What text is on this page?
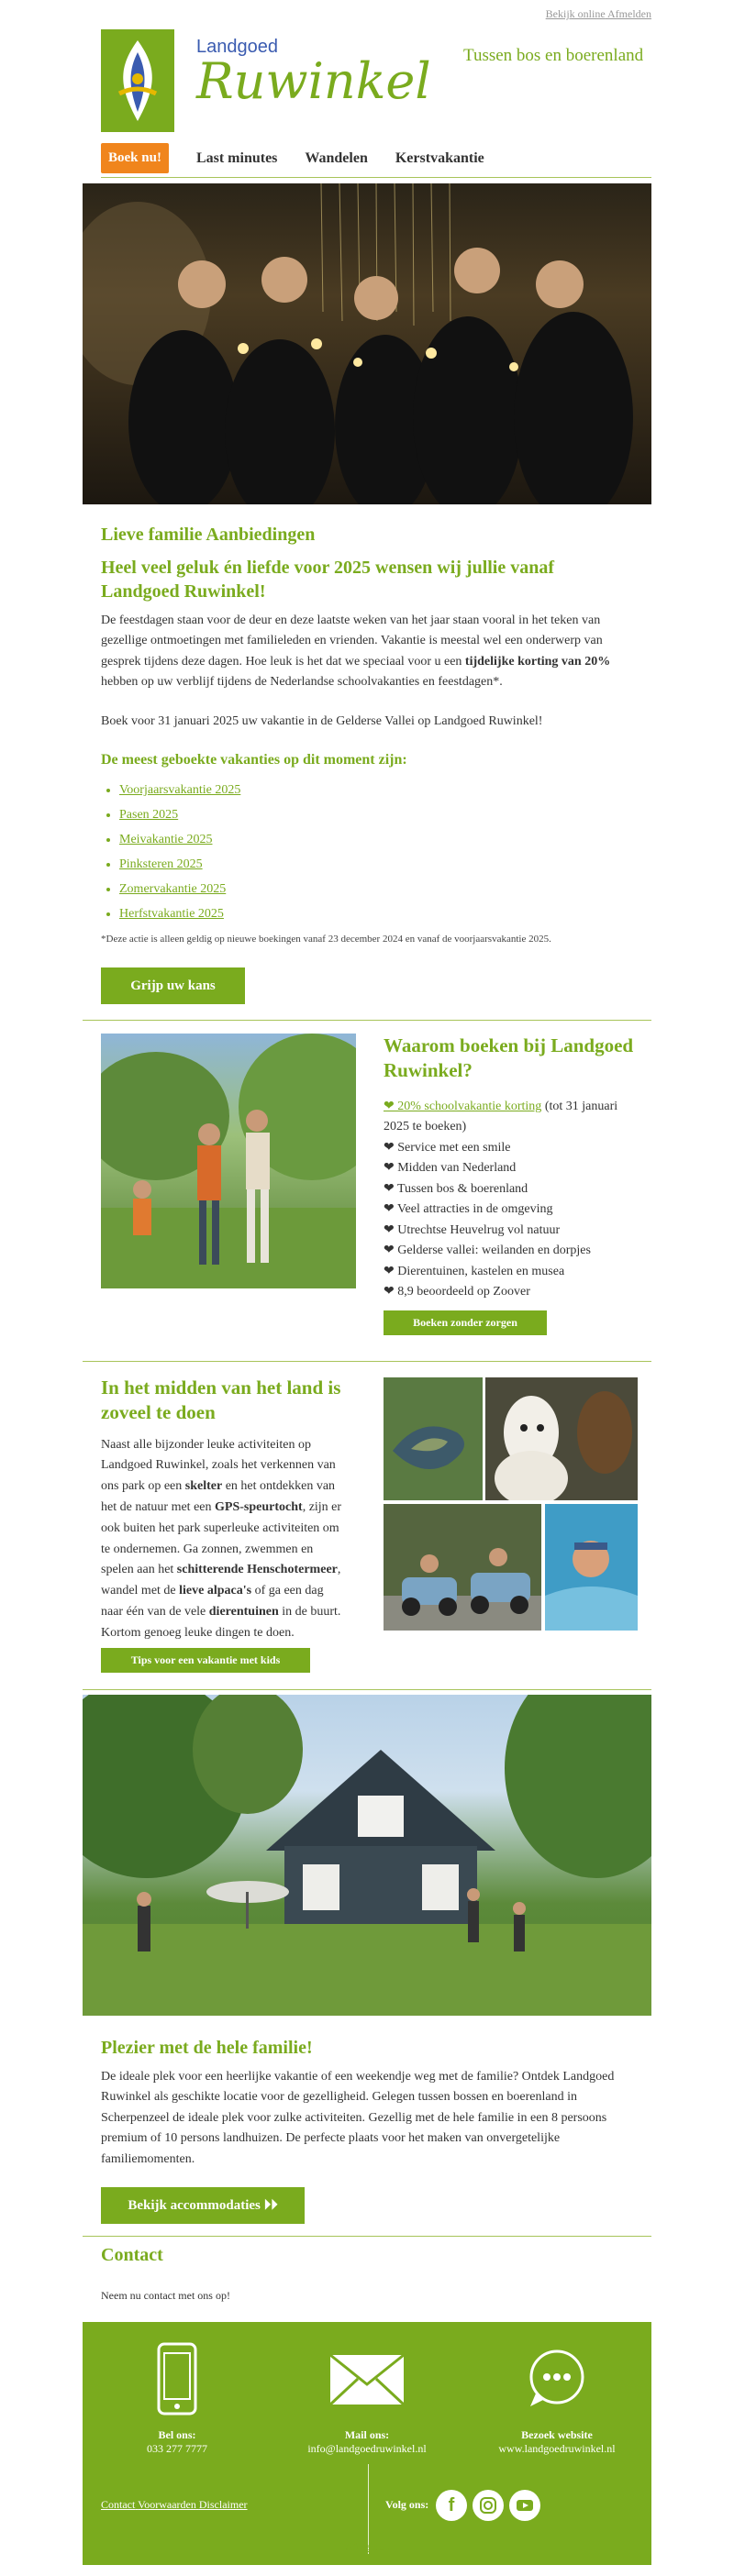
Bekijk online Afmelden
Landgoed
Ruwinkel Tussen bos en boerenland
Boek nu!	Last minutes Wandelen Kerstvakantie
Lieve familie Aanbiedingen
Heel veel geluk én liefde voor 2025 wensen wij jullie vanaf Landgoed Ruwinkel!

De feestdagen staan voor de deur en deze laatste weken van het jaar staan vooral in het teken van gezellige ontmoetingen met familieleden en vrienden. Vakantie is meestal wel een onderwerp van gesprek tijdens deze dagen. Hoe leuk is het dat we speciaal voor u een tijdelijke korting van 20% hebben op uw verblijf tijdens de Nederlandse schoolvakanties en feestdagen*.

Boek voor 31 januari 2025 uw vakantie in de Gelderse Vallei op Landgoed Ruwinkel!

De meest geboekte vakanties op dit moment zijn:
• Voorjaarsvakantie 2025
• Pasen 2025
• Meivakantie 2025
• Pinksteren 2025
• Zomervakantie 2025
• Herfstvakantie 2025
*Deze actie is alleen geldig op nieuwe boekingen vanaf 23 december 2024 en vanaf de voorjaarsvakantie 2025.
Grijp uw kans
Waarom boeken bij Landgoed Ruwinkel?
❤ 20% schoolvakantie korting (tot 31 januari 2025 te boeken)
❤ Service met een smile
❤ Midden van Nederland
❤ Tussen bos & boerenland
❤ Veel attracties in de omgeving
❤ Utrechtse Heuvelrug vol natuur
❤ Gelderse vallei: weilanden en dorpjes
❤ Dierentuinen, kastelen en musea
❤ 8,9 beoordeeld op Zoover
Boeken zonder zorgen
In het midden van het land is zoveel te doen

Naast alle bijzonder leuke activiteiten op Landgoed Ruwinkel, zoals het verkennen van ons park op een skelter en het ontdekken van het de natuur met een GPS-speurtocht, zijn er ook buiten het park superleuke activiteiten om te ondernemen. Ga zonnen, zwemmen en spelen aan het schitterende Henschotermeer, wandel met de lieve alpaca's of ga een dag naar één van de vele dierentuinen in de buurt. Kortom genoeg leuke dingen te doen.

Tips voor een vakantie met kids
Plezier met de hele familie!

De ideale plek voor een heerlijke vakantie of een weekendje weg met de familie? Ontdek Landgoed Ruwinkel als geschikte locatie voor de gezelligheid. Gelegen tussen bossen en boerenland in Scherpenzeel de ideale plek voor zulke activiteiten. Gezellig met de hele familie in een 8 persoons premium of 10 persons landhuizen. De perfecte plaats voor het maken van onvergetelijke familiemomenten.

Bekijk accommodaties ⏵⏵
Contact
Neem nu contact met ons op!
Bel ons:
033 277 7777
Mail ons:
info@landgoedruwinkel.nl
Bezoek website
www.landgoedruwinkel.nl
Contact Voorwaarden Disclaimer	Volg ons: f
Afmelden
